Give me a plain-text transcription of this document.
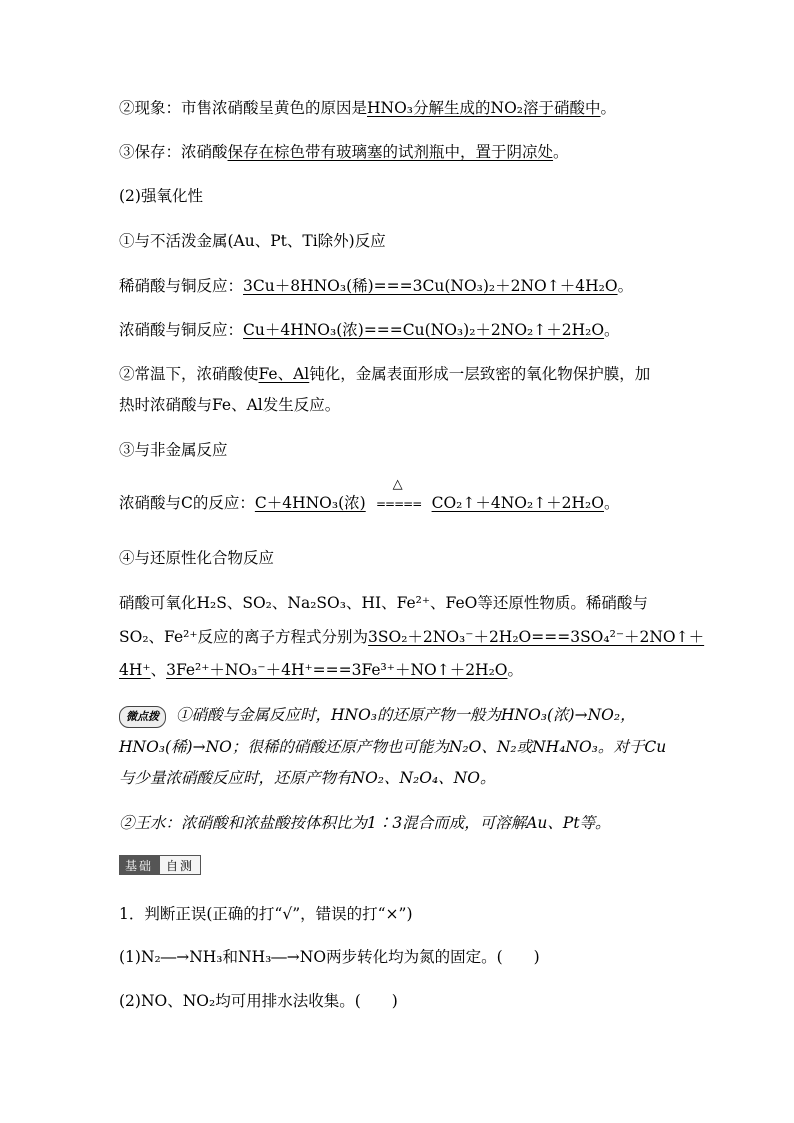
②现象：市售浓硝酸呈黄色的原因是HNO₃分解生成的NO₂溶于硝酸中。
③保存：浓硝酸保存在棕色带有玻璃塞的试剂瓶中，置于阴凉处。
(2)强氧化性
①与不活泼金属(Au、Pt、Ti除外)反应
稀硝酸与铜反应：3Cu＋8HNO₃(稀)===3Cu(NO₃)₂＋2NO↑＋4H₂O。
浓硝酸与铜反应：Cu＋4HNO₃(浓)===Cu(NO₃)₂＋2NO₂↑＋2H₂O。
②常温下，浓硝酸使Fe、Al钝化，金属表面形成一层致密的氧化物保护膜，加
热时浓硝酸与Fe、Al发生反应。
③与非金属反应
浓硝酸与C的反应：C＋4HNO₃(浓)
△
===== CO₂↑＋4NO₂↑＋2H₂O。
④与还原性化合物反应
硝酸可氧化H₂S、SO₂、Na₂SO₃、HI、Fe²⁺、FeO等还原性物质。稀硝酸与
SO₂、Fe²⁺反应的离子方程式分别为3SO₂＋2NO₃⁻＋2H₂O===3SO₄²⁻＋2NO↑＋
4H⁺、3Fe²⁺＋NO₃⁻＋4H⁺===3Fe³⁺＋NO↑＋2H₂O。
微点拨 ①硝酸与金属反应时，HNO₃的还原产物一般为HNO₃(浓)→NO₂，
HNO₃(稀)→NO；很稀的硝酸还原产物也可能为N₂O、N₂或NH₄NO₃。对于Cu
与少量浓硝酸反应时，还原产物有NO₂、N₂O₄、NO。
②王水：浓硝酸和浓盐酸按体积比为1∶3混合而成，可溶解Au、Pt等。
基础	自测
1．判断正误(正确的打“√”，错误的打“×”)
(1)N₂―→NH₃和NH₃―→NO两步转化均为氮的固定。(　　)
(2)NO、NO₂均可用排水法收集。(　　)
